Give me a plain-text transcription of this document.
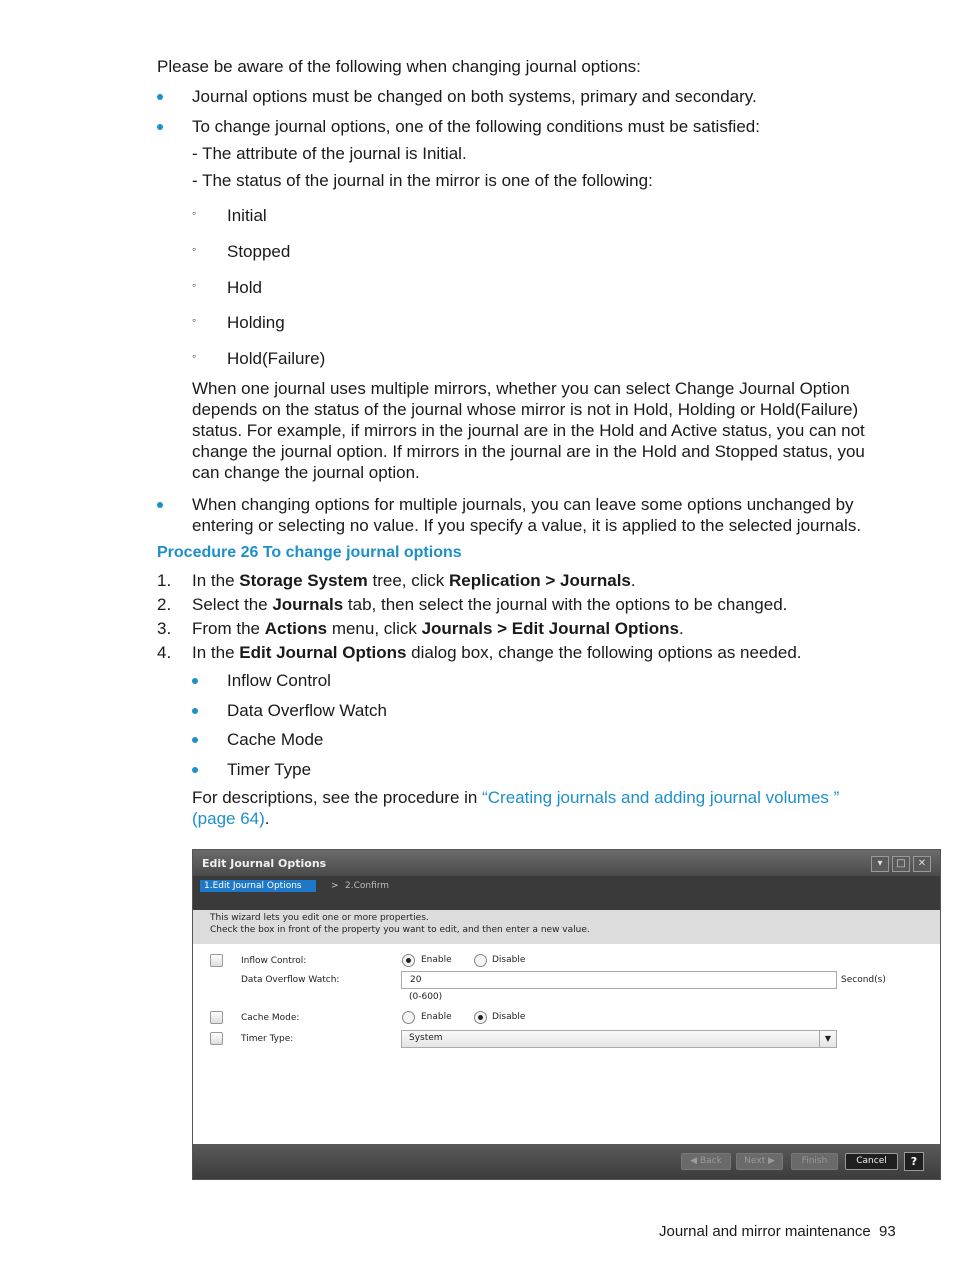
Please be aware of the following when changing journal options:
Journal options must be changed on both systems, primary and secondary.
To change journal options, one of the following conditions must be satisfied:
- The attribute of the journal is Initial.
- The status of the journal in the mirror is one of the following:
◦ Initial
◦ Stopped
◦ Hold
◦ Holding
◦ Hold(Failure)
When one journal uses multiple mirrors, whether you can select Change Journal Option depends on the status of the journal whose mirror is not in Hold, Holding or Hold(Failure) status. For example, if mirrors in the journal are in the Hold and Active status, you can not change the journal option. If mirrors in the journal are in the Hold and Stopped status, you can change the journal option.
When changing options for multiple journals, you can leave some options unchanged by entering or selecting no value. If you specify a value, it is applied to the selected journals.
Procedure 26 To change journal options
1. In the Storage System tree, click Replication > Journals.
2. Select the Journals tab, then select the journal with the options to be changed.
3. From the Actions menu, click Journals > Edit Journal Options.
4. In the Edit Journal Options dialog box, change the following options as needed.
Inflow Control
Data Overflow Watch
Cache Mode
Timer Type
For descriptions, see the procedure in “Creating journals and adding journal volumes ”
(page 64).
Edit Journal Options	▾	□	✕
1.Edit Journal Options	> 2.Confirm
This wizard lets you edit one or more properties.
Check the box in front of the property you want to edit, and then enter a new value.
Inflow Control:	Enable	Disable
Data Overflow Watch:	20	Second(s)
(0-600)
Cache Mode:	Enable	Disable
Timer Type:	System	▼
◀ Back	Next ▶	Finish	Cancel	?
Journal and mirror maintenance 93
